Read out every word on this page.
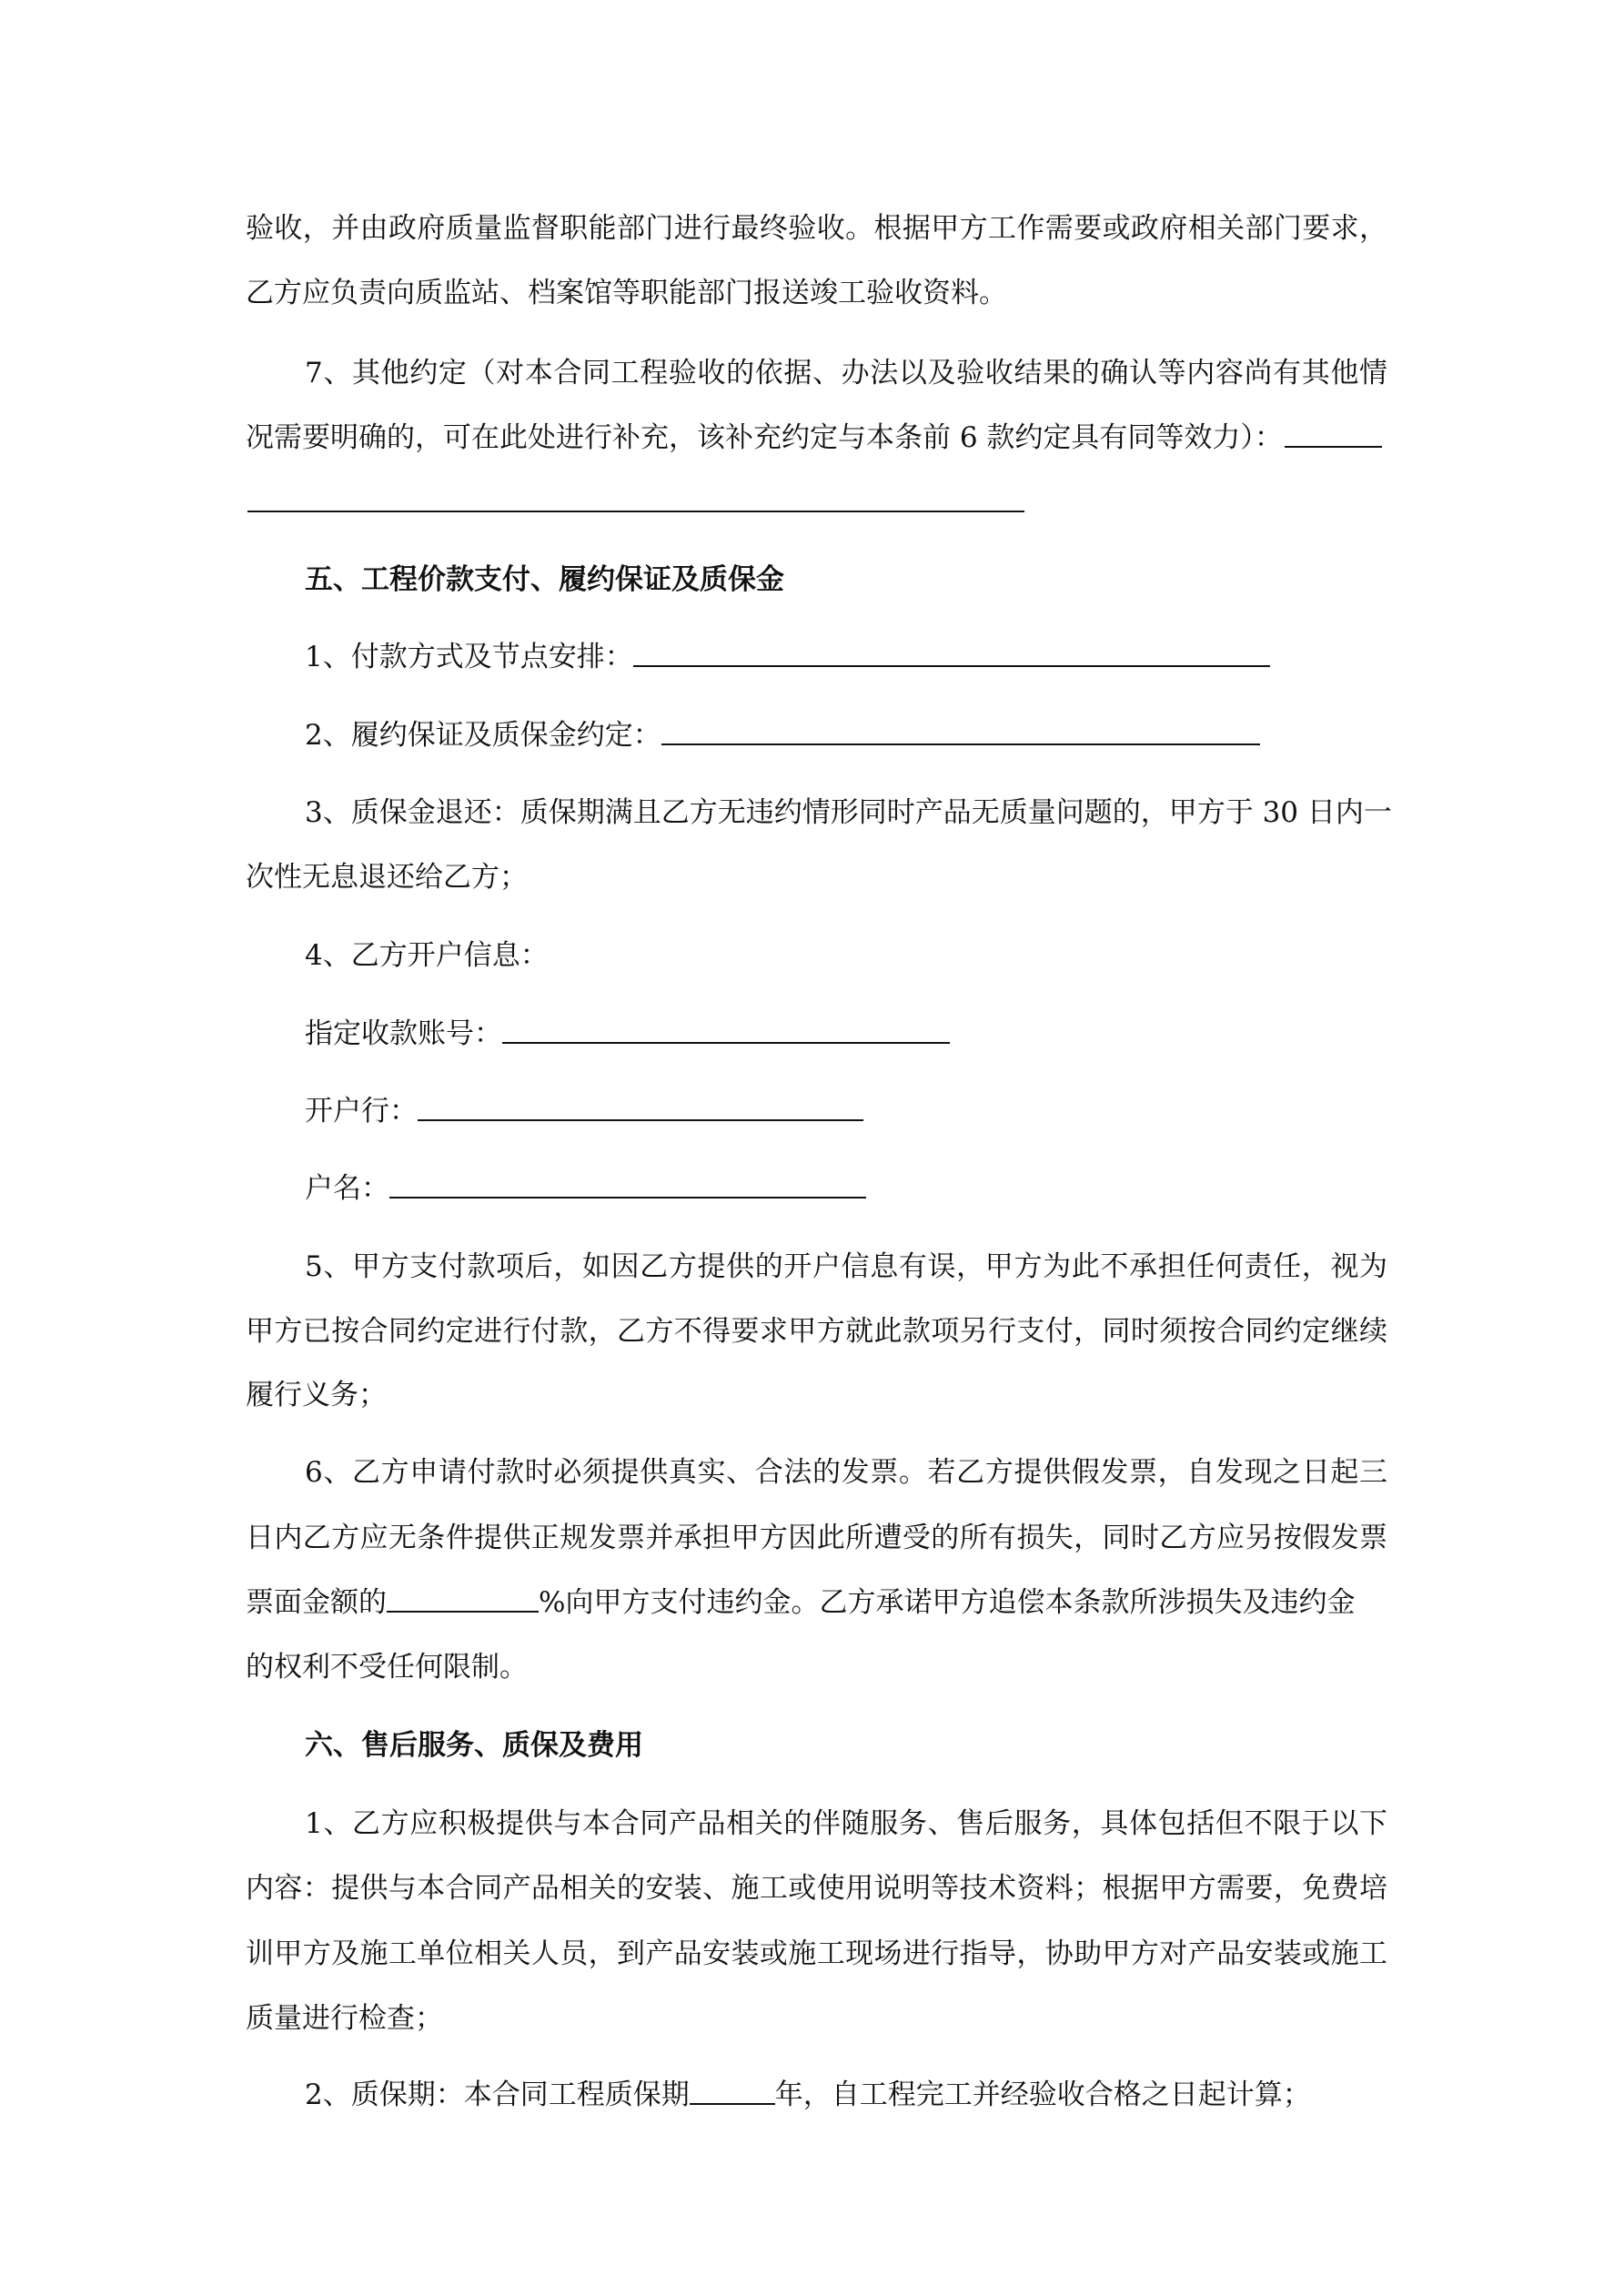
验收，并由政府质量监督职能部门进行最终验收。根据甲方工作需要或政府相关部门要求，
乙方应负责向质监站、档案馆等职能部门报送竣工验收资料。
7、其他约定（对本合同工程验收的依据、办法以及验收结果的确认等内容尚有其他情
况需要明确的，可在此处进行补充，该补充约定与本条前 6 款约定具有同等效力）：
五、工程价款支付、履约保证及质保金
1、付款方式及节点安排：
2、履约保证及质保金约定：
3、质保金退还：质保期满且乙方无违约情形同时产品无质量问题的，甲方于 30 日内一
次性无息退还给乙方；
4、乙方开户信息：
指定收款账号：
开户行：
户名：
5、甲方支付款项后，如因乙方提供的开户信息有误，甲方为此不承担任何责任，视为
甲方已按合同约定进行付款，乙方不得要求甲方就此款项另行支付，同时须按合同约定继续
履行义务；
6、乙方申请付款时必须提供真实、合法的发票。若乙方提供假发票，自发现之日起三
日内乙方应无条件提供正规发票并承担甲方因此所遭受的所有损失，同时乙方应另按假发票
票面金额的	%向甲方支付违约金。乙方承诺甲方追偿本条款所涉损失及违约金
的权利不受任何限制。
六、售后服务、质保及费用
1、乙方应积极提供与本合同产品相关的伴随服务、售后服务，具体包括但不限于以下
内容：提供与本合同产品相关的安装、施工或使用说明等技术资料；根据甲方需要，免费培
训甲方及施工单位相关人员，到产品安装或施工现场进行指导，协助甲方对产品安装或施工
质量进行检查；
2、质保期：本合同工程质保期	年，自工程完工并经验收合格之日起计算；
